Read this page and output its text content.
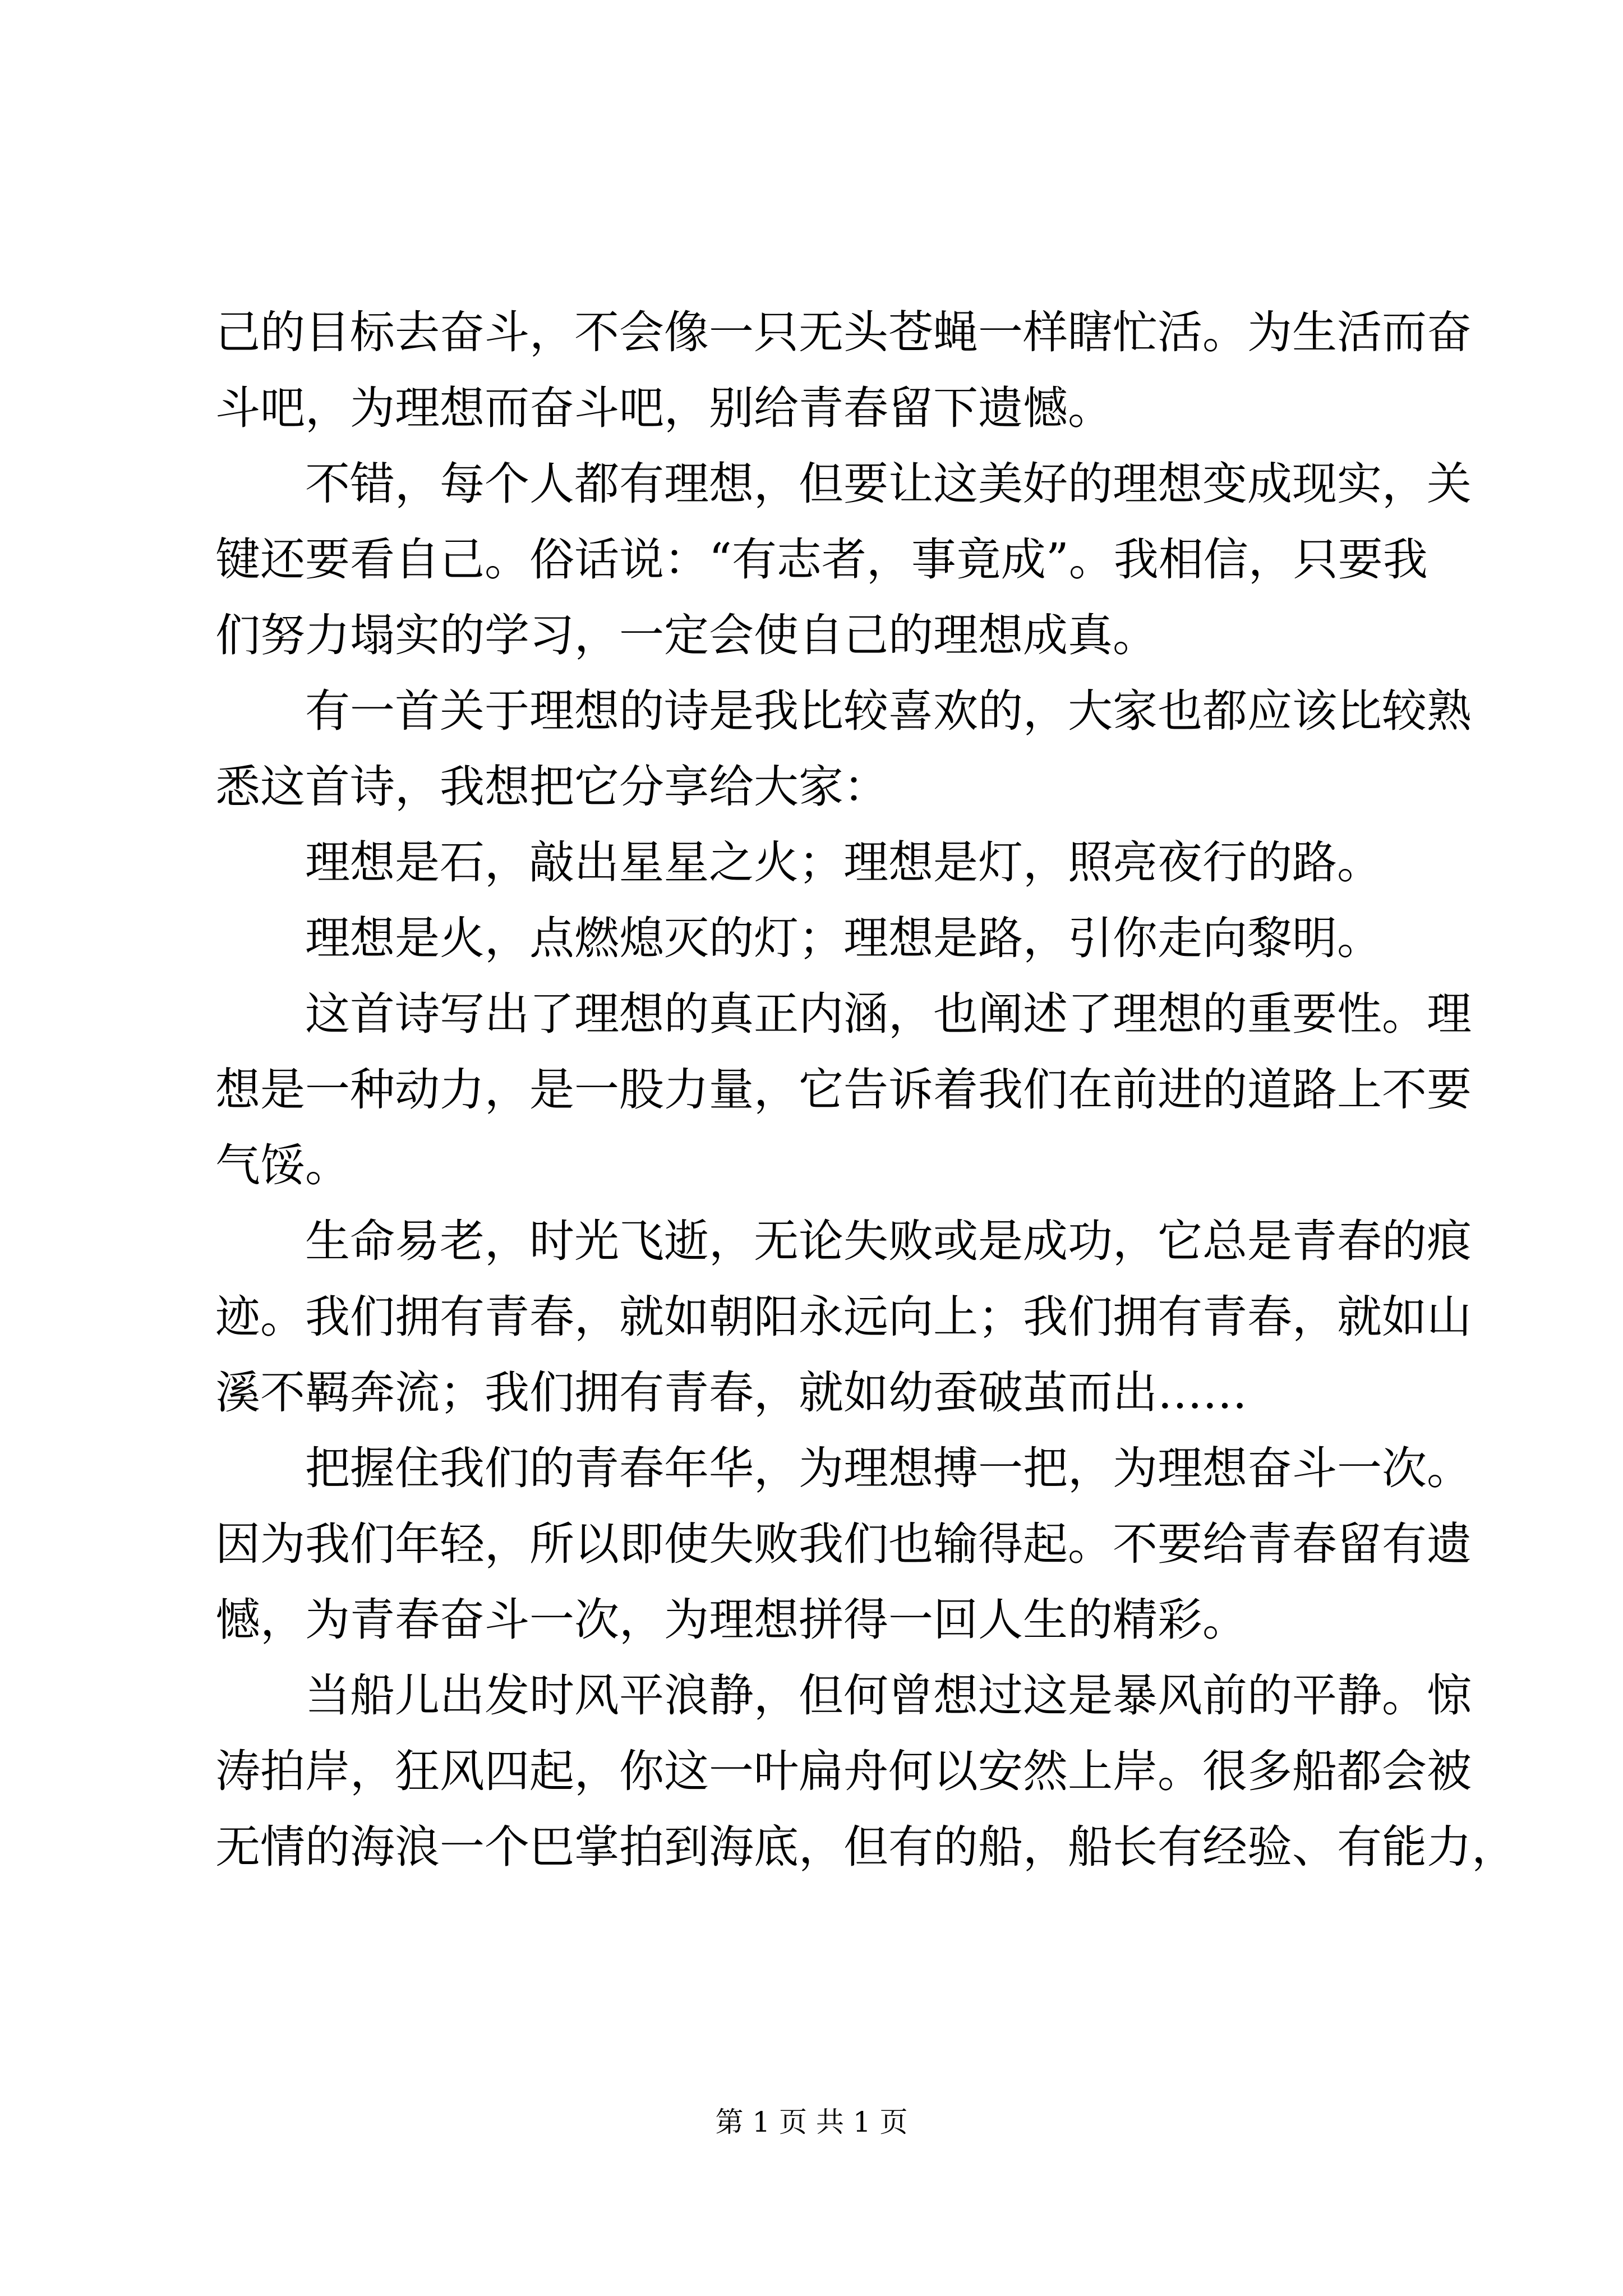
己的目标去奋斗，不会像一只无头苍蝇一样瞎忙活。为生活而奋
斗吧，为理想而奋斗吧，别给青春留下遗憾。
不错，每个人都有理想，但要让这美好的理想变成现实，关
键还要看自己。俗话说：“有志者，事竟成”。我相信，只要我
们努力塌实的学习，一定会使自己的理想成真。
有一首关于理想的诗是我比较喜欢的，大家也都应该比较熟
悉这首诗，我想把它分享给大家：
理想是石，敲出星星之火；理想是灯，照亮夜行的路。
理想是火，点燃熄灭的灯；理想是路，引你走向黎明。
这首诗写出了理想的真正内涵，也阐述了理想的重要性。理
想是一种动力，是一股力量，它告诉着我们在前进的道路上不要
气馁。
生命易老，时光飞逝，无论失败或是成功，它总是青春的痕
迹。我们拥有青春，就如朝阳永远向上；我们拥有青春，就如山
溪不羁奔流；我们拥有青春，就如幼蚕破茧而出……
把握住我们的青春年华，为理想搏一把，为理想奋斗一次。
因为我们年轻，所以即使失败我们也输得起。不要给青春留有遗
憾，为青春奋斗一次，为理想拼得一回人生的精彩。
当船儿出发时风平浪静，但何曾想过这是暴风前的平静。惊
涛拍岸，狂风四起，你这一叶扁舟何以安然上岸。很多船都会被
无情的海浪一个巴掌拍到海底，但有的船，船长有经验、有能力，
第 1 页 共 1 页
